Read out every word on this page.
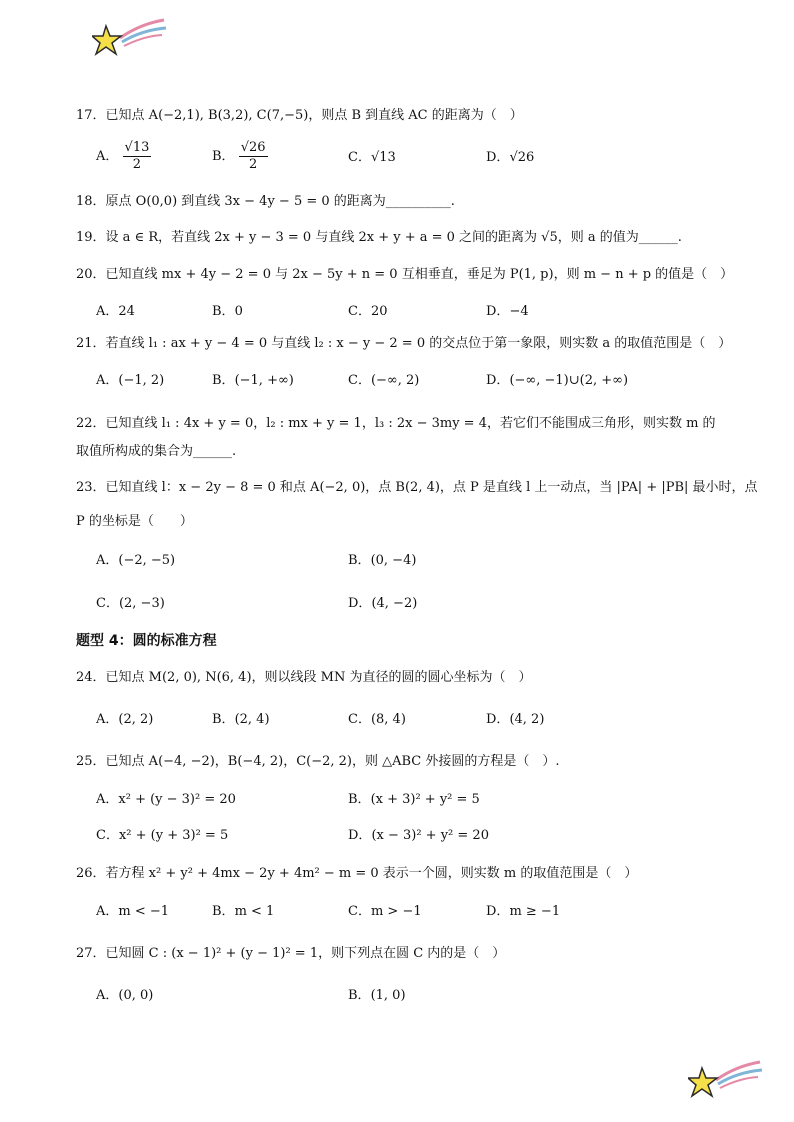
17．已知点 A(−2,1), B(3,2), C(7,−5)，则点 B 到直线 AC 的距离为（　）
A． $\frac{√13}{2}$	B． $\frac{√26}{2}$	C．√13	D．√26
18．原点 O(0,0) 到直线 3x − 4y − 5 = 0 的距离为__________.
19．设 a ∈ R，若直线 2x + y − 3 = 0 与直线 2x + y + a = 0 之间的距离为 √5，则 a 的值为______.
20．已知直线 mx + 4y − 2 = 0 与 2x − 5y + n = 0 互相垂直，垂足为 P(1, p)，则 m − n + p 的值是（　）
A．24	B．0	C．20	D．−4
21．若直线 l₁ : ax + y − 4 = 0 与直线 l₂ : x − y − 2 = 0 的交点位于第一象限，则实数 a 的取值范围是（　）
A．(−1, 2)	B．(−1, +∞)	C．(−∞, 2)	D．(−∞, −1)∪(2, +∞)
22．已知直线 l₁ : 4x + y = 0，l₂ : mx + y = 1，l₃ : 2x − 3my = 4，若它们不能围成三角形，则实数 m 的取值所构成的集合为______.
23．已知直线 l：x − 2y − 8 = 0 和点 A(−2, 0)，点 B(2, 4)，点 P 是直线 l 上一动点，当 |PA| + |PB| 最小时，点
P 的坐标是（　　）
A．(−2, −5)	B．(0, −4)
C．(2, −3)	D．(4, −2)
题型 4：圆的标准方程
24．已知点 M(2, 0), N(6, 4)，则以线段 MN 为直径的圆的圆心坐标为（　）
A．(2, 2)	B．(2, 4)	C．(8, 4)	D．(4, 2)
25．已知点 A(−4, −2)，B(−4, 2)，C(−2, 2)，则 △ABC 外接圆的方程是（　）.
A．x² + (y − 3)² = 20	B．(x + 3)² + y² = 5
C．x² + (y + 3)² = 5	D．(x − 3)² + y² = 20
26．若方程 x² + y² + 4mx − 2y + 4m² − m = 0 表示一个圆，则实数 m 的取值范围是（　）
A．m < −1	B．m < 1	C．m > −1	D．m ≥ −1
27．已知圆 C : (x − 1)² + (y − 1)² = 1，则下列点在圆 C 内的是（　）
A．(0, 0)	B．(1, 0)
